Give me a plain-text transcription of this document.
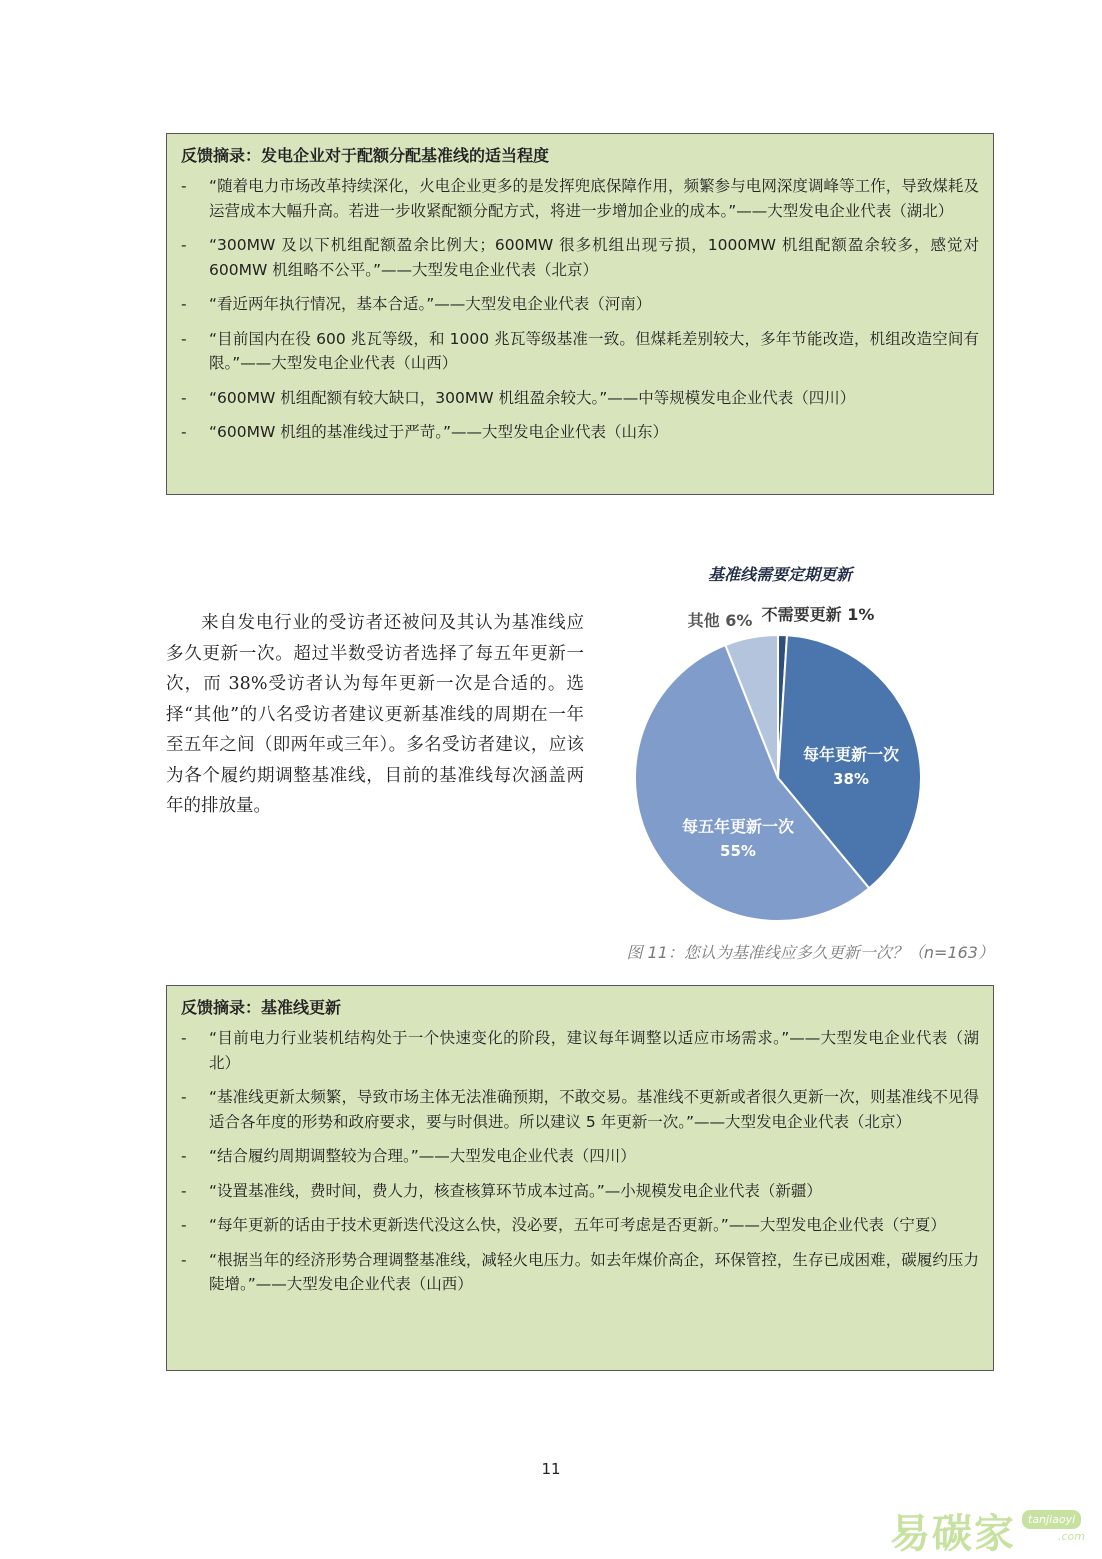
反馈摘录：发电企业对于配额分配基准线的适当程度
- “随着电力市场改革持续深化，火电企业更多的是发挥兜底保障作用，频繁参与电网深度调峰等工作，导致煤耗及运营成本大幅升高。若进一步收紧配额分配方式，将进一步增加企业的成本。”——大型发电企业代表（湖北）
- “300MW 及以下机组配额盈余比例大；600MW 很多机组出现亏损，1000MW 机组配额盈余较多，感觉对 600MW 机组略不公平。”——大型发电企业代表（北京）
- “看近两年执行情况，基本合适。”——大型发电企业代表（河南）
- “目前国内在役 600 兆瓦等级，和 1000 兆瓦等级基准一致。但煤耗差别较大，多年节能改造，机组改造空间有限。”——大型发电企业代表（山西）
- “600MW 机组配额有较大缺口，300MW 机组盈余较大。”——中等规模发电企业代表（四川）
- “600MW 机组的基准线过于严苛。”——大型发电企业代表（山东）

来自发电行业的受访者还被问及其认为基准线应多久更新一次。超过半数受访者选择了每五年更新一次，而 38%受访者认为每年更新一次是合适的。选择“其他”的八名受访者建议更新基准线的周期在一年至五年之间（即两年或三年）。多名受访者建议，应该为各个履约期调整基准线，目前的基准线每次涵盖两年的排放量。

基准线需要定期更新
不需要更新 1%
每年更新一次
38%
每五年更新一次
55%
其他 6%
图 11：您认为基准线应多久更新一次？（n=163）
反馈摘录：基准线更新
- “目前电力行业装机结构处于一个快速变化的阶段，建议每年调整以适应市场需求。”——大型发电企业代表（湖北）
- “基准线更新太频繁，导致市场主体无法准确预期，不敢交易。基准线不更新或者很久更新一次，则基准线不见得适合各年度的形势和政府要求，要与时俱进。所以建议 5 年更新一次。”——大型发电企业代表（北京）
- “结合履约周期调整较为合理。”——大型发电企业代表（四川）
- “设置基准线，费时间，费人力，核查核算环节成本过高。”—小规模发电企业代表（新疆）
- “每年更新的话由于技术更新迭代没这么快，没必要，五年可考虑是否更新。”——大型发电企业代表（宁夏）
- “根据当年的经济形势合理调整基准线，减轻火电压力。如去年煤价高企，环保管控，生存已成困难，碳履约压力陡增。”——大型发电企业代表（山西）
11
易碳家	tanjiaoyi
.com
